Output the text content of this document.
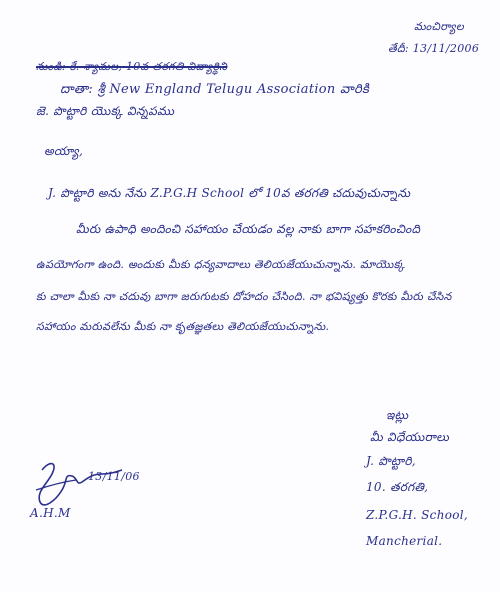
మంచిర్యాల
తేదీ: 13/11/2006
నుండి: కే. శ్యామల, 10వ తరగతి విద్యార్థిని
దాతా: శ్రీ New England Telugu Association వారికి
జె. పొట్టారి యొక్క విన్నపము
అయ్యా,
J. పొట్టారి అను నేను Z.P.G.H School లో 10వ తరగతి చదువుచున్నాను
మీరు ఉపాధి అందించి సహాయం చేయడం వల్ల నాకు బాగా సహకరించింది
ఉపయోగంగా ఉంది. అందుకు మీకు ధన్యవాదాలు తెలియజేయుచున్నాను. మాయొక్క
కు చాలా మీకు నా చదువు బాగా జరుగుటకు దోహదం చేసింది. నా భవిష్యత్తు కొరకు మీరు చేసిన
సహాయం మరువలేను మీకు నా కృతజ్ఞతలు తెలియజేయుచున్నాను.
ఇట్లు
మీ విధేయురాలు
J. పొట్టారి,
10. తరగతి,
Z.P.G.H. School,
Mancherial.
13/11/06
A.H.M
